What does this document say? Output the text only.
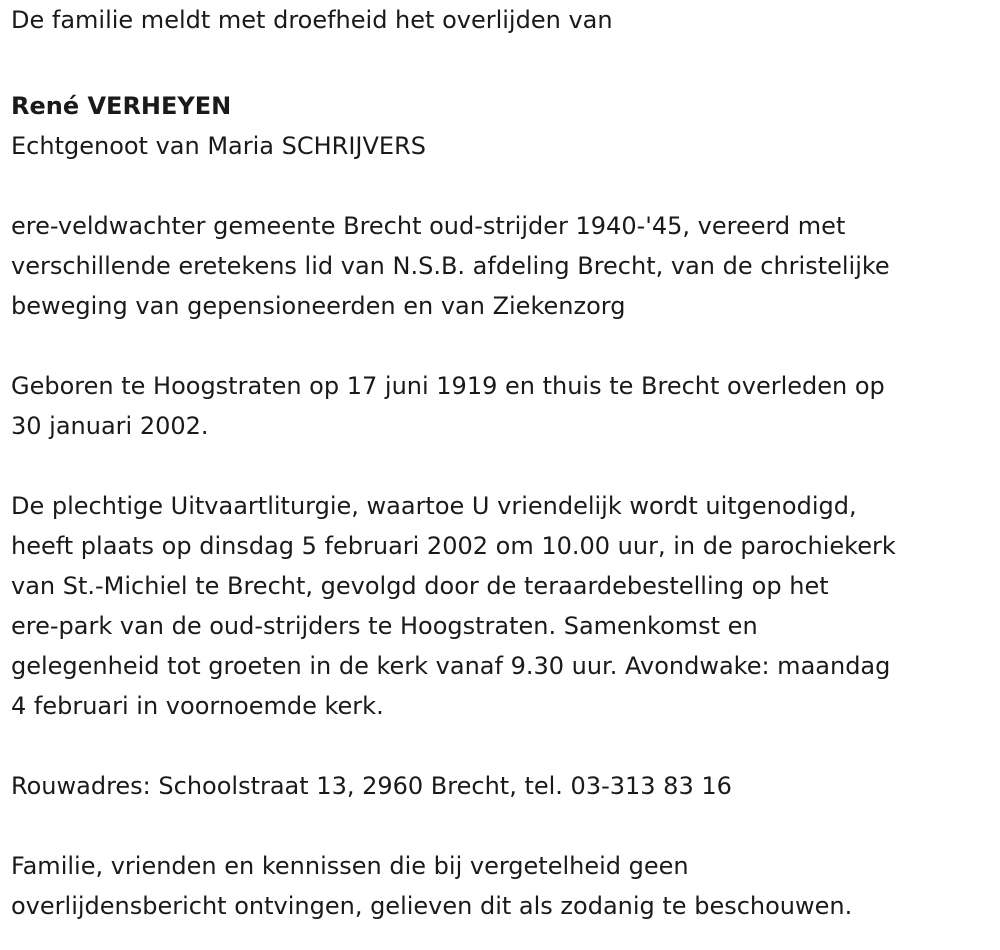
De familie meldt met droefheid het overlijden van
René VERHEYEN
Echtgenoot van Maria SCHRIJVERS
ere-veldwachter gemeente Brecht oud-strijder 1940-'45, vereerd met
verschillende eretekens lid van N.S.B. afdeling Brecht, van de christelijke
beweging van gepensioneerden en van Ziekenzorg
Geboren te Hoogstraten op 17 juni 1919 en thuis te Brecht overleden op
30 januari 2002.
De plechtige Uitvaartliturgie, waartoe U vriendelijk wordt uitgenodigd,
heeft plaats op dinsdag 5 februari 2002 om 10.00 uur, in de parochiekerk
van St.-Michiel te Brecht, gevolgd door de teraardebestelling op het
ere-park van de oud-strijders te Hoogstraten. Samenkomst en
gelegenheid tot groeten in de kerk vanaf 9.30 uur. Avondwake: maandag
4 februari in voornoemde kerk.
Rouwadres: Schoolstraat 13, 2960 Brecht, tel. 03-313 83 16
Familie, vrienden en kennissen die bij vergetelheid geen
overlijdensbericht ontvingen, gelieven dit als zodanig te beschouwen.
